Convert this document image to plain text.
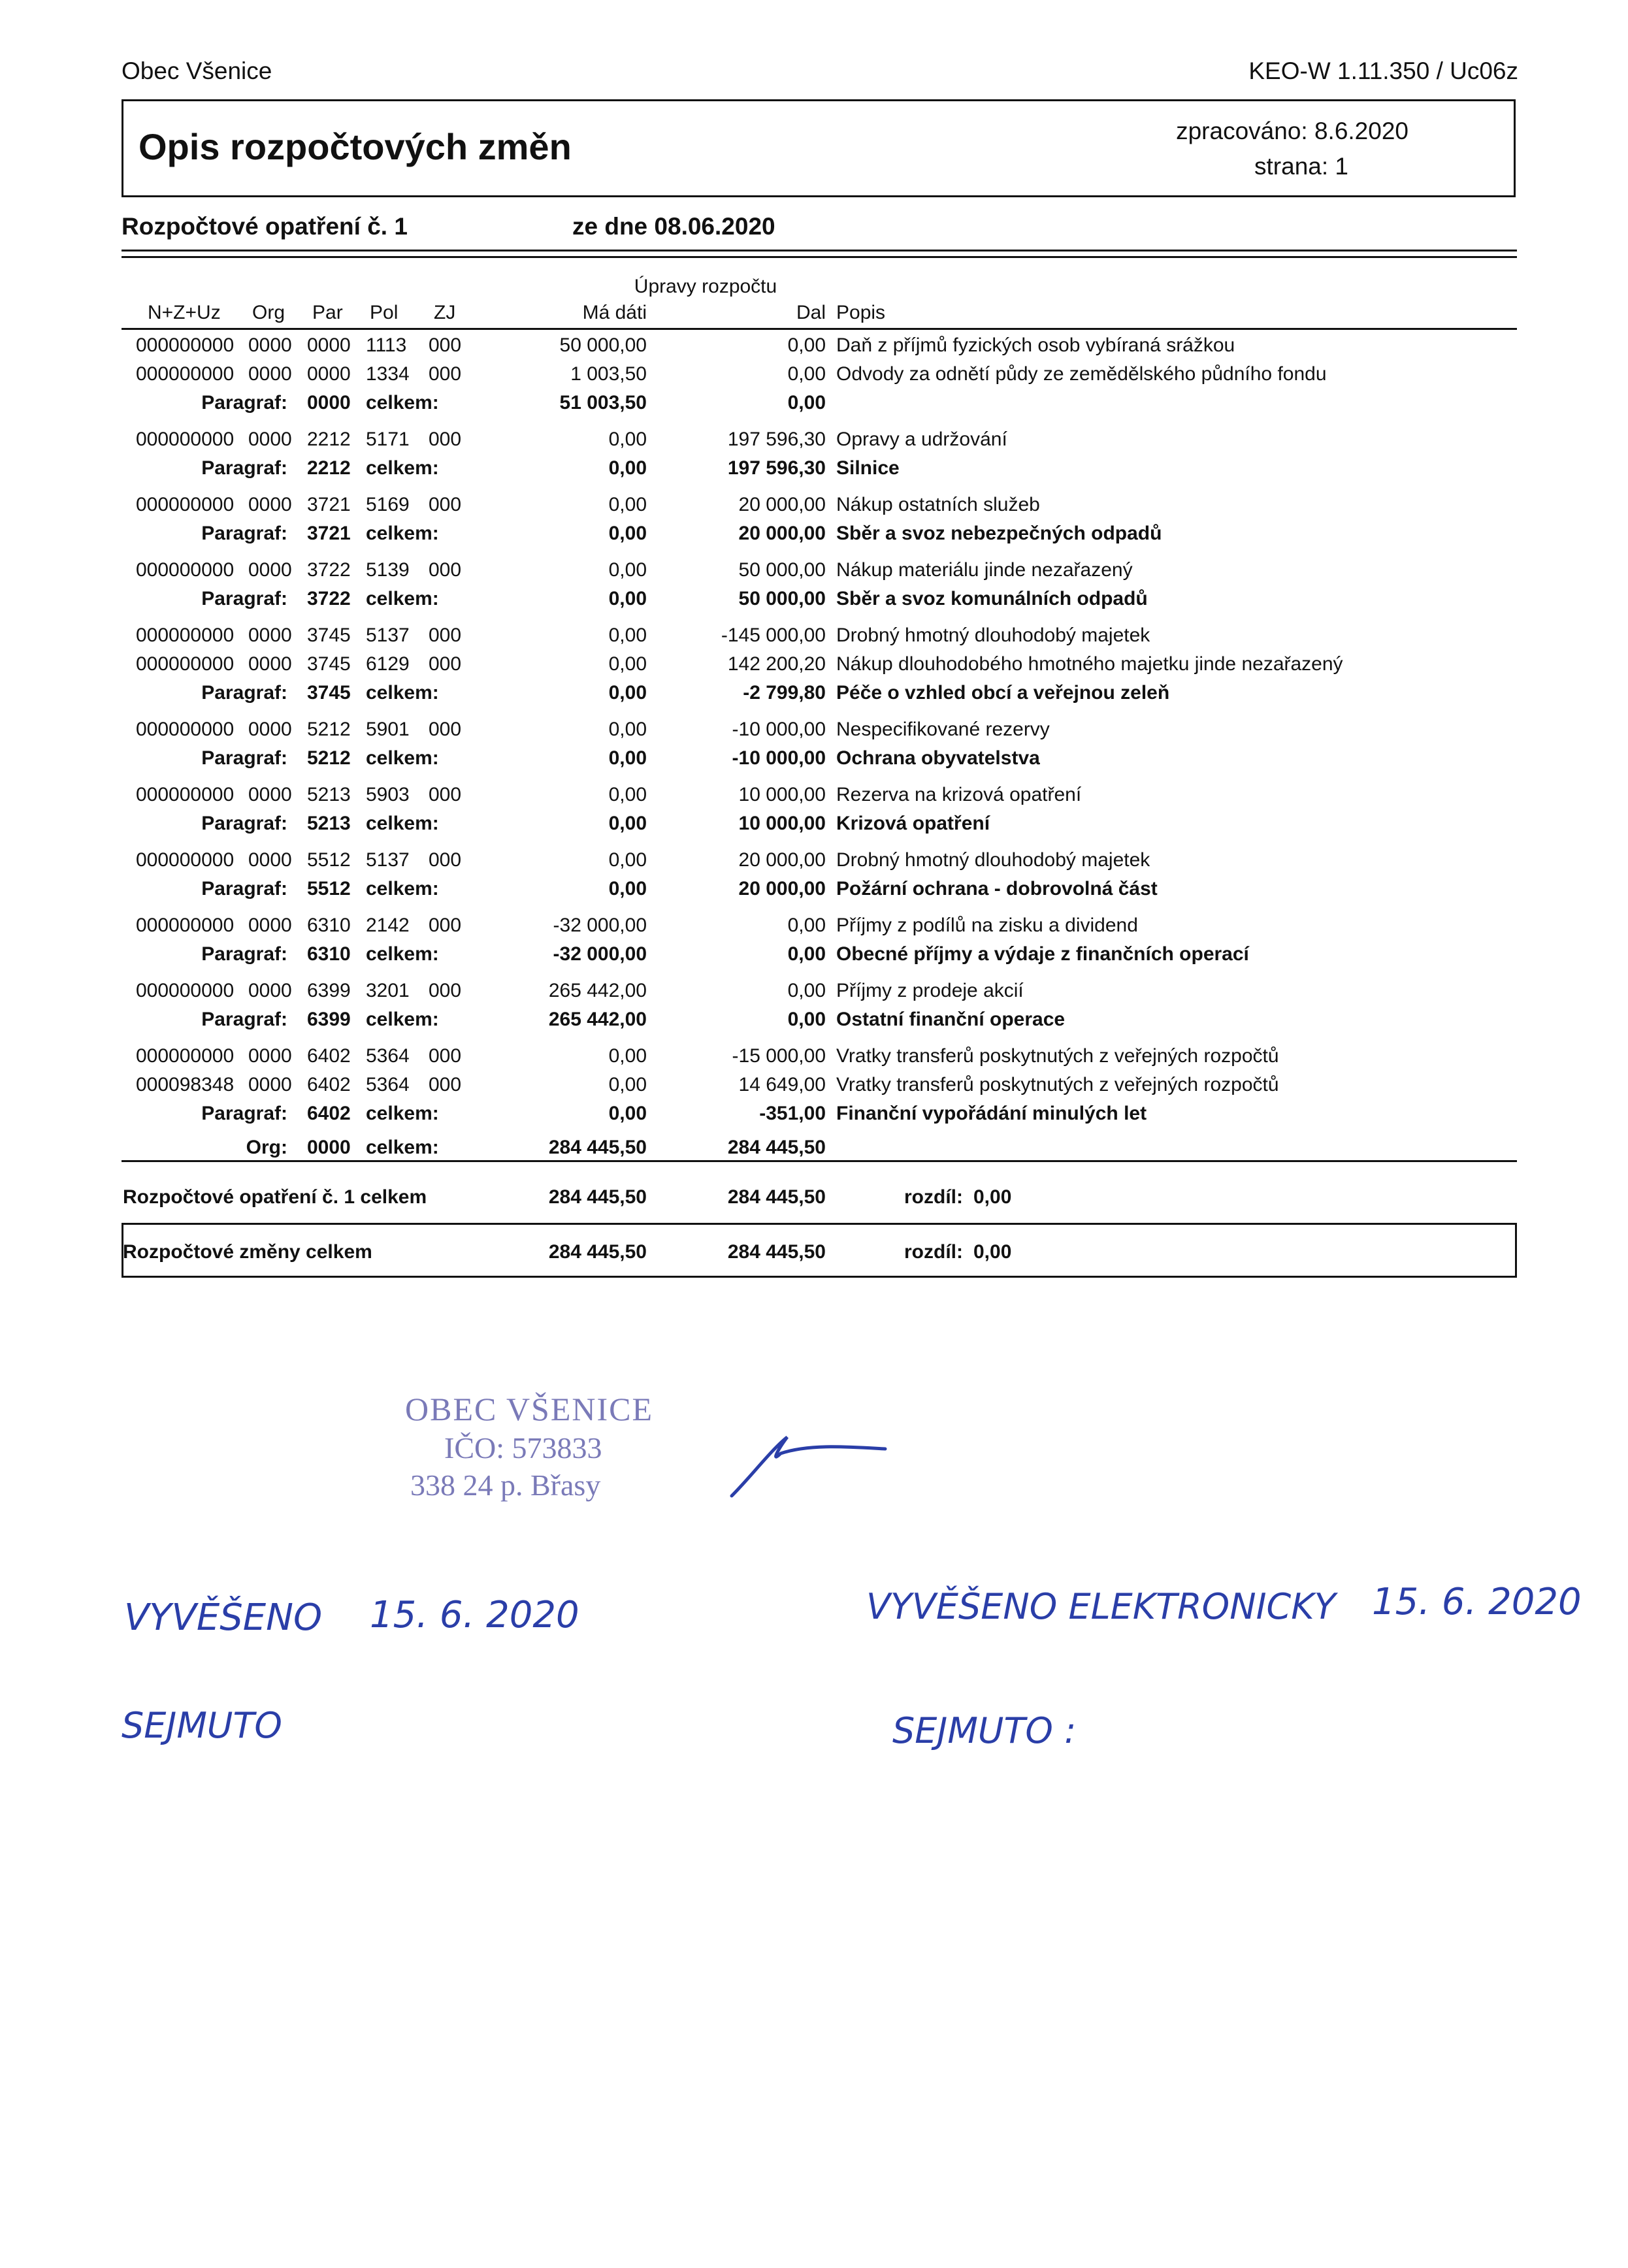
Obec Všenice	KEO-W 1.11.350 / Uc06z
Opis rozpočtových změn	zpracováno: 8.6.2020
strana: 1
Rozpočtové opatření č. 1	ze dne 08.06.2020
Úpravy rozpočtu
N+Z+Uz Org Par Pol ZJ	Má dáti	Dal Popis
000000000 0000 0000 1113 000	50 000,00	0,00 Daň z příjmů fyzických osob vybíraná srážkou
000000000 0000 0000 1334 000	1 003,50	0,00 Odvody za odnětí půdy ze zemědělského půdního fondu
Paragraf: 0000 celkem:	51 003,50	0,00
000000000 0000 2212 5171 000	0,00	197 596,30 Opravy a udržování
Paragraf: 2212 celkem:	0,00	197 596,30 Silnice
000000000 0000 3721 5169 000	0,00	20 000,00 Nákup ostatních služeb
Paragraf: 3721 celkem:	0,00	20 000,00 Sběr a svoz nebezpečných odpadů
000000000 0000 3722 5139 000	0,00	50 000,00 Nákup materiálu jinde nezařazený
Paragraf: 3722 celkem:	0,00	50 000,00 Sběr a svoz komunálních odpadů
000000000 0000 3745 5137 000	0,00	-145 000,00 Drobný hmotný dlouhodobý majetek
000000000 0000 3745 6129 000	0,00	142 200,20 Nákup dlouhodobého hmotného majetku jinde nezařazený
Paragraf: 3745 celkem:	0,00	-2 799,80 Péče o vzhled obcí a veřejnou zeleň
000000000 0000 5212 5901 000	0,00	-10 000,00 Nespecifikované rezervy
Paragraf: 5212 celkem:	0,00	-10 000,00 Ochrana obyvatelstva
000000000 0000 5213 5903 000	0,00	10 000,00 Rezerva na krizová opatření
Paragraf: 5213 celkem:	0,00	10 000,00 Krizová opatření
000000000 0000 5512 5137 000	0,00	20 000,00 Drobný hmotný dlouhodobý majetek
Paragraf: 5512 celkem:	0,00	20 000,00 Požární ochrana - dobrovolná část
000000000 0000 6310 2142 000	-32 000,00	0,00 Příjmy z podílů na zisku a dividend
Paragraf: 6310 celkem:	-32 000,00	0,00 Obecné příjmy a výdaje z finančních operací
000000000 0000 6399 3201 000	265 442,00	0,00 Příjmy z prodeje akcií
Paragraf: 6399 celkem:	265 442,00	0,00 Ostatní finanční operace
000000000 0000 6402 5364 000	0,00	-15 000,00 Vratky transferů poskytnutých z veřejných rozpočtů
000098348 0000 6402 5364 000	0,00	14 649,00 Vratky transferů poskytnutých z veřejných rozpočtů
Paragraf: 6402 celkem:	0,00	-351,00 Finanční vypořádání minulých let
Org: 0000 celkem:	284 445,50	284 445,50
Rozpočtové opatření č. 1 celkem	284 445,50	284 445,50	rozdíl: 0,00
Rozpočtové změny celkem	284 445,50	284 445,50	rozdíl: 0,00
OBEC VŠENICE
IČO: 573833
338 24 p. Břasy
VYVĚŠENO 15. 6. 2020	VYVĚŠENO ELEKTRONICKY 15. 6. 2020
SEJMUTO	SEJMUTO :
